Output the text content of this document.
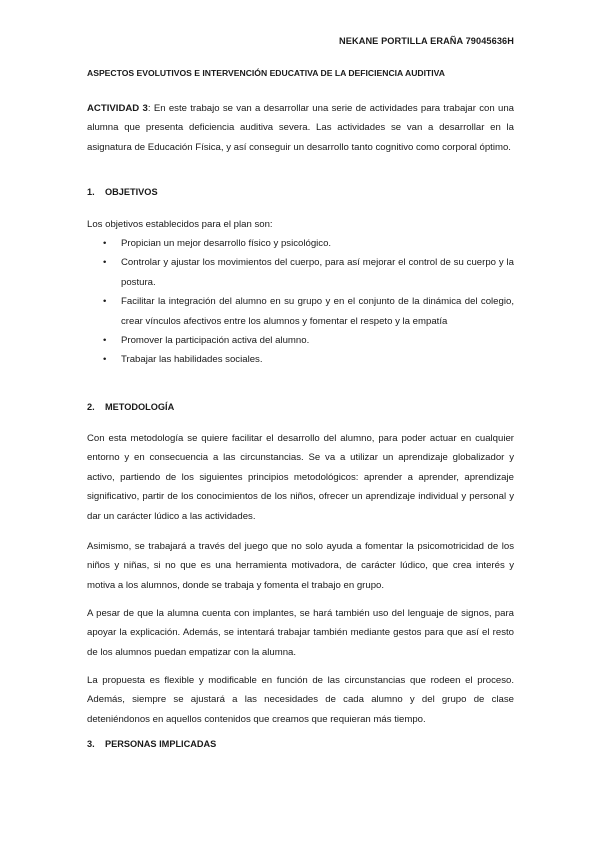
NEKANE PORTILLA ERAÑA 79045636H
ASPECTOS EVOLUTIVOS E INTERVENCIÓN EDUCATIVA DE LA DEFICIENCIA AUDITIVA
ACTIVIDAD 3: En este trabajo se van a desarrollar una serie de actividades para trabajar con una alumna que presenta deficiencia auditiva severa. Las actividades se van a desarrollar en la asignatura de Educación Física, y así conseguir un desarrollo tanto cognitivo como corporal óptimo.
1. OBJETIVOS
Los objetivos establecidos para el plan son:
• Propician un mejor desarrollo físico y psicológico.
• Controlar y ajustar los movimientos del cuerpo, para así mejorar el control de su cuerpo y la postura.
• Facilitar la integración del alumno en su grupo y en el conjunto de la dinámica del colegio, crear vínculos afectivos entre los alumnos y fomentar el respeto y la empatía
• Promover la participación activa del alumno.
• Trabajar las habilidades sociales.
2. METODOLOGÍA
Con esta metodología se quiere facilitar el desarrollo del alumno, para poder actuar en cualquier entorno y en consecuencia a las circunstancias. Se va a utilizar un aprendizaje globalizador y activo, partiendo de los siguientes principios metodológicos: aprender a aprender, aprendizaje significativo, partir de los conocimientos de los niños, ofrecer un aprendizaje individual y personal y dar un carácter lúdico a las actividades.
Asimismo, se trabajará a través del juego que no solo ayuda a fomentar la psicomotricidad de los niños y niñas, si no que es una herramienta motivadora, de carácter lúdico, que crea interés y motiva a los alumnos, donde se trabaja y fomenta el trabajo en grupo.
A pesar de que la alumna cuenta con implantes, se hará también uso del lenguaje de signos, para apoyar la explicación. Además, se intentará trabajar también mediante gestos para que así el resto de los alumnos puedan empatizar con la alumna.
La propuesta es flexible y modificable en función de las circunstancias que rodeen el proceso. Además, siempre se ajustará a las necesidades de cada alumno y del grupo de clase deteniéndonos en aquellos contenidos que creamos que requieran más tiempo.
3. PERSONAS IMPLICADAS
